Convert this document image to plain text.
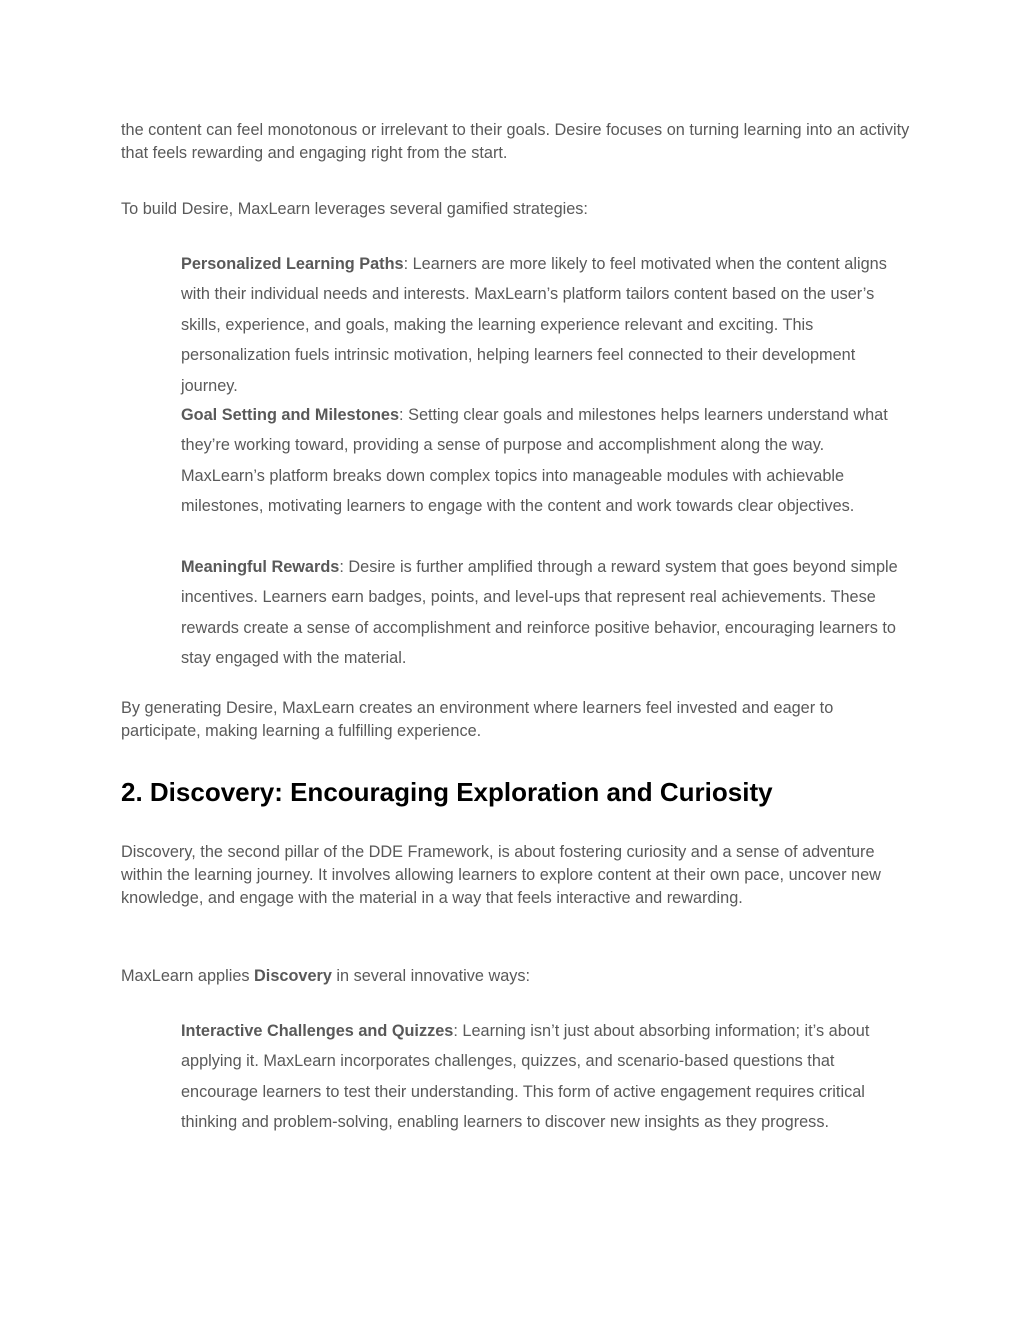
the content can feel monotonous or irrelevant to their goals. Desire focuses on turning learning into an activity that feels rewarding and engaging right from the start.

To build Desire, MaxLearn leverages several gamified strategies:

Personalized Learning Paths: Learners are more likely to feel motivated when the content aligns with their individual needs and interests. MaxLearn’s platform tailors content based on the user’s skills, experience, and goals, making the learning experience relevant and exciting. This personalization fuels intrinsic motivation, helping learners feel connected to their development journey.

Goal Setting and Milestones: Setting clear goals and milestones helps learners understand what they’re working toward, providing a sense of purpose and accomplishment along the way. MaxLearn’s platform breaks down complex topics into manageable modules with achievable milestones, motivating learners to engage with the content and work towards clear objectives.

Meaningful Rewards: Desire is further amplified through a reward system that goes beyond simple incentives. Learners earn badges, points, and level-ups that represent real achievements. These rewards create a sense of accomplishment and reinforce positive behavior, encouraging learners to stay engaged with the material.

By generating Desire, MaxLearn creates an environment where learners feel invested and eager to participate, making learning a fulfilling experience.

2. Discovery: Encouraging Exploration and Curiosity

Discovery, the second pillar of the DDE Framework, is about fostering curiosity and a sense of adventure within the learning journey. It involves allowing learners to explore content at their own pace, uncover new knowledge, and engage with the material in a way that feels interactive and rewarding.

MaxLearn applies Discovery in several innovative ways:

Interactive Challenges and Quizzes: Learning isn’t just about absorbing information; it’s about applying it. MaxLearn incorporates challenges, quizzes, and scenario-based questions that encourage learners to test their understanding. This form of active engagement requires critical thinking and problem-solving, enabling learners to discover new insights as they progress.
